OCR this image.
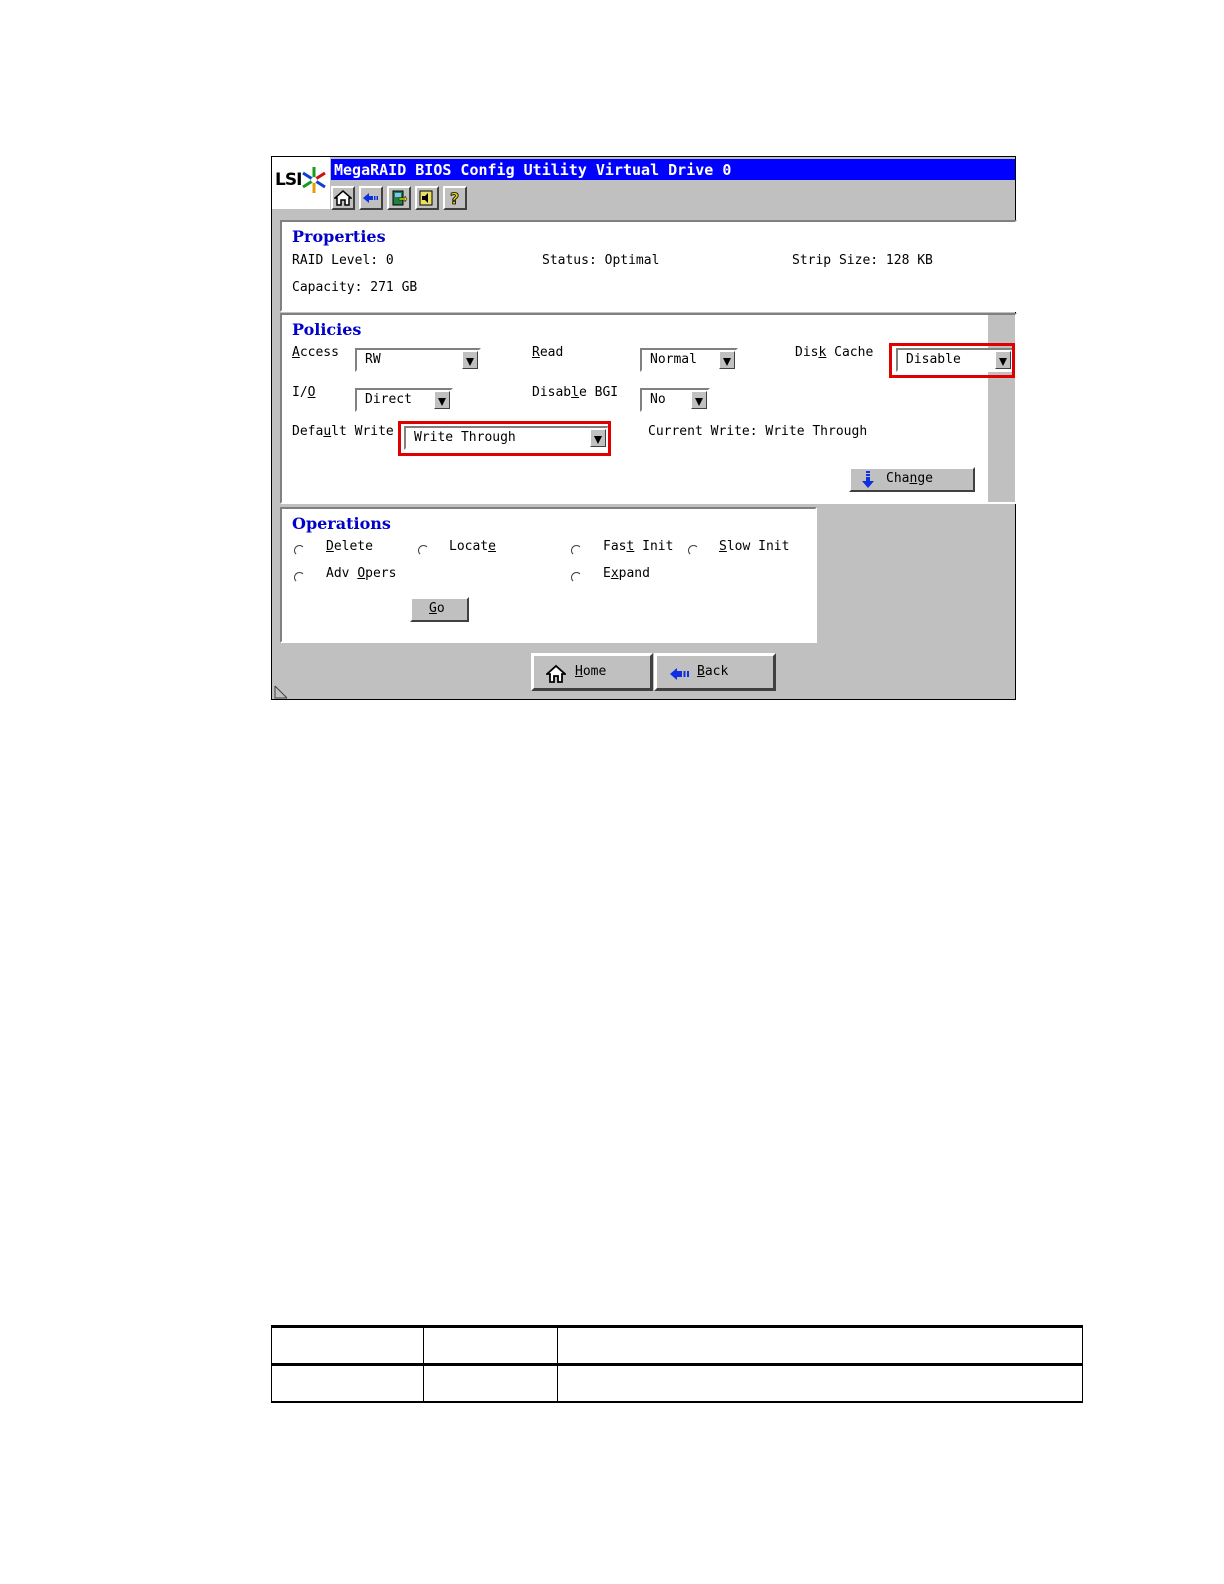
LSI MegaRAID BIOS Config Utility Virtual Drive 0
?
Properties
RAID Level: 0	Status: Optimal	Strip Size: 128 KB
Capacity: 271 GB
Policies
Access RW	Read	Normal	Disk Cache	Disable
I/O	Direct	Disable BGI No
Default Write Write Through	Current Write: Write Through
Change
Operations
Delete	Locate	Fast Init	Slow Init
Adv Opers	Expand
Go
Home	Back
